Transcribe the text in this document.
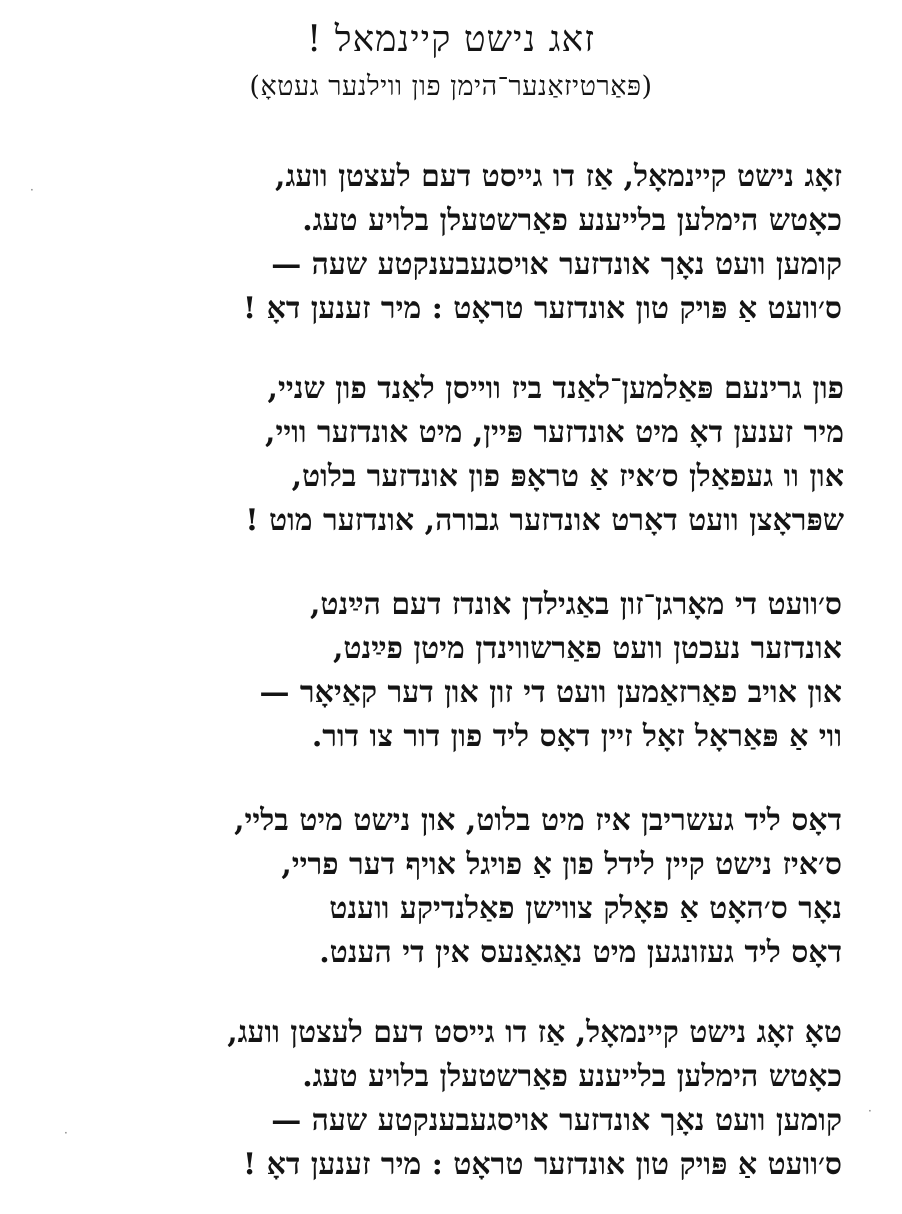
זאג נישט קיינמאל !
(פּאַרטיזאַנער־הימן פון ווילנער געטאָ)
זאָג נישט קיינמאָל, אַז דו גייסט דעם לעצטן וועג,
כאָטש הימלען בלייענע פאַרשטעלן בלויע טעג.
קומען וועט נאָך אונדזער אויסגעבענקטע שעה —
ס׳וועט אַ פּויק טון אונדזער טראָט : מיר זענען דאָ !
פון גרינעם פּאַלמען־לאַנד ביז ווייסן לאַנד פון שניי,
מיר זענען דאָ מיט אונדזער פּיין, מיט אונדזער וויי,
און וו געפאַלן ס׳איז אַ טראָפּ פון אונדזער בלוט,
שפּראָצן וועט דאָרט אונדזער גבורה, אונדזער מוט !
ס׳וועט די מאָרגן־זון באַגילדן אונדז דעם הײַנט,
אונדזער נעכטן וועט פאַרשווינדן מיטן פײַנט,
און אויב פאַרזאַמען וועט די זון און דער קאַיאָר —
ווי אַ פּאַראָל זאָל זיין דאָס ליד פון דור צו דור.
דאָס ליד געשריבן איז מיט בלוט, און נישט מיט בליי,
ס׳איז נישט קיין לידל פון אַ פויגל אויף דער פריי,
נאָר ס׳האָט אַ פאָלק צווישן פאַלנדיקע ווענט
דאָס ליד געזונגען מיט נאַגאַנעס אין די הענט.
טאָ זאָג נישט קיינמאָל, אַז דו גייסט דעם לעצטן וועג,
כאָטש הימלען בלייענע פאַרשטעלן בלויע טעג.
קומען וועט נאָך אונדזער אויסגעבענקטע שעה —
ס׳וועט אַ פּויק טון אונדזער טראָט : מיר זענען דאָ !
·
·
·
